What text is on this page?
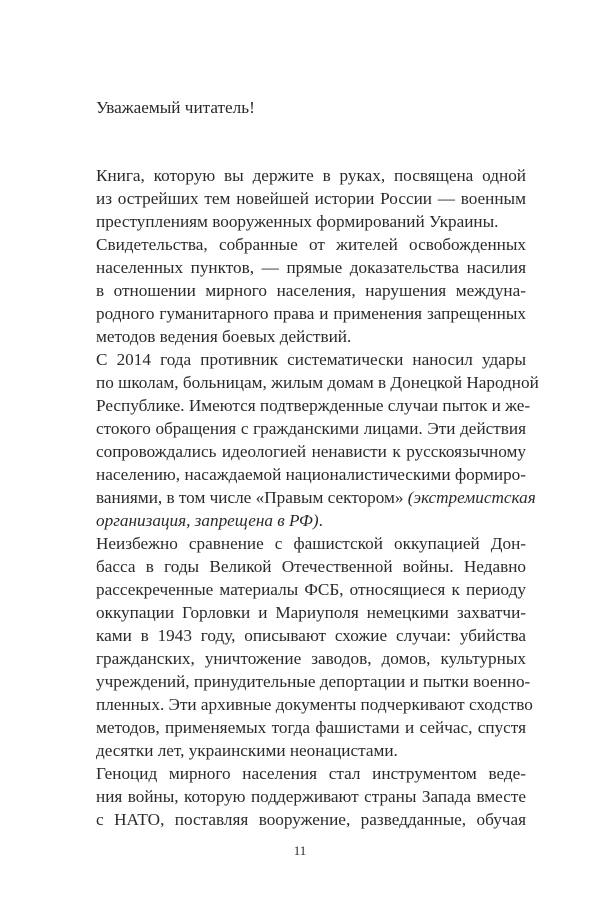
Уважаемый читатель!
Книга, которую вы держите в руках, посвящена одной
из острейших тем новейшей истории России — военным
преступлениям вооруженных формирований Украины.
Свидетельства, собранные от жителей освобожденных
населенных пунктов, — прямые доказательства насилия
в отношении мирного населения, нарушения междуна-
родного гуманитарного права и применения запрещенных
методов ведения боевых действий.
С 2014 года противник систематически наносил удары
по школам, больницам, жилым домам в Донецкой Народной
Республике. Имеются подтвержденные случаи пыток и же-
стокого обращения с гражданскими лицами. Эти действия
сопровождались идеологией ненависти к русскоязычному
населению, насаждаемой националистическими формиро-
ваниями, в том числе «Правым сектором» (экстремистская
организация, запрещена в РФ).
Неизбежно сравнение с фашистской оккупацией Дон-
басса в годы Великой Отечественной войны. Недавно
рассекреченные материалы ФСБ, относящиеся к периоду
оккупации Горловки и Мариуполя немецкими захватчи-
ками в 1943 году, описывают схожие случаи: убийства
гражданских, уничтожение заводов, домов, культурных
учреждений, принудительные депортации и пытки военно-
пленных. Эти архивные документы подчеркивают сходство
методов, применяемых тогда фашистами и сейчас, спустя
десятки лет, украинскими неонацистами.
Геноцид мирного населения стал инструментом веде-
ния войны, которую поддерживают страны Запада вместе
с НАТО, поставляя вооружение, разведданные, обучая
11
